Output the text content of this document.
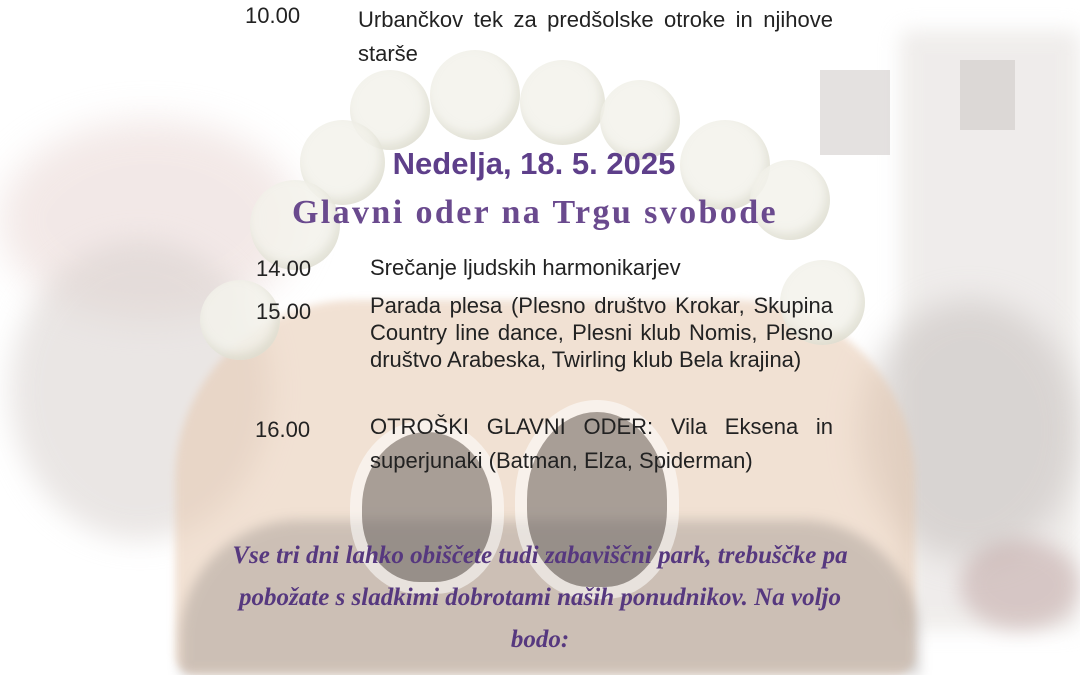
10.00	Urbančkov tek za predšolske otroke in njihove starše
Nedelja, 18. 5. 2025
Glavni oder na Trgu svobode
14.00	Srečanje ljudskih harmonikarjev
15.00	Parada plesa (Plesno društvo Krokar, Skupina Country line dance, Plesni klub Nomis, Plesno društvo Arabeska, Twirling klub Bela krajina)
16.00	OTROŠKI GLAVNI ODER: Vila Eksena in superjunaki (Batman, Elza, Spiderman)
Vse tri dni lahko obiščete tudi zabaviščni park, trebuščke pa pobožate s sladkimi dobrotami naših ponudnikov. Na voljo bodo:
